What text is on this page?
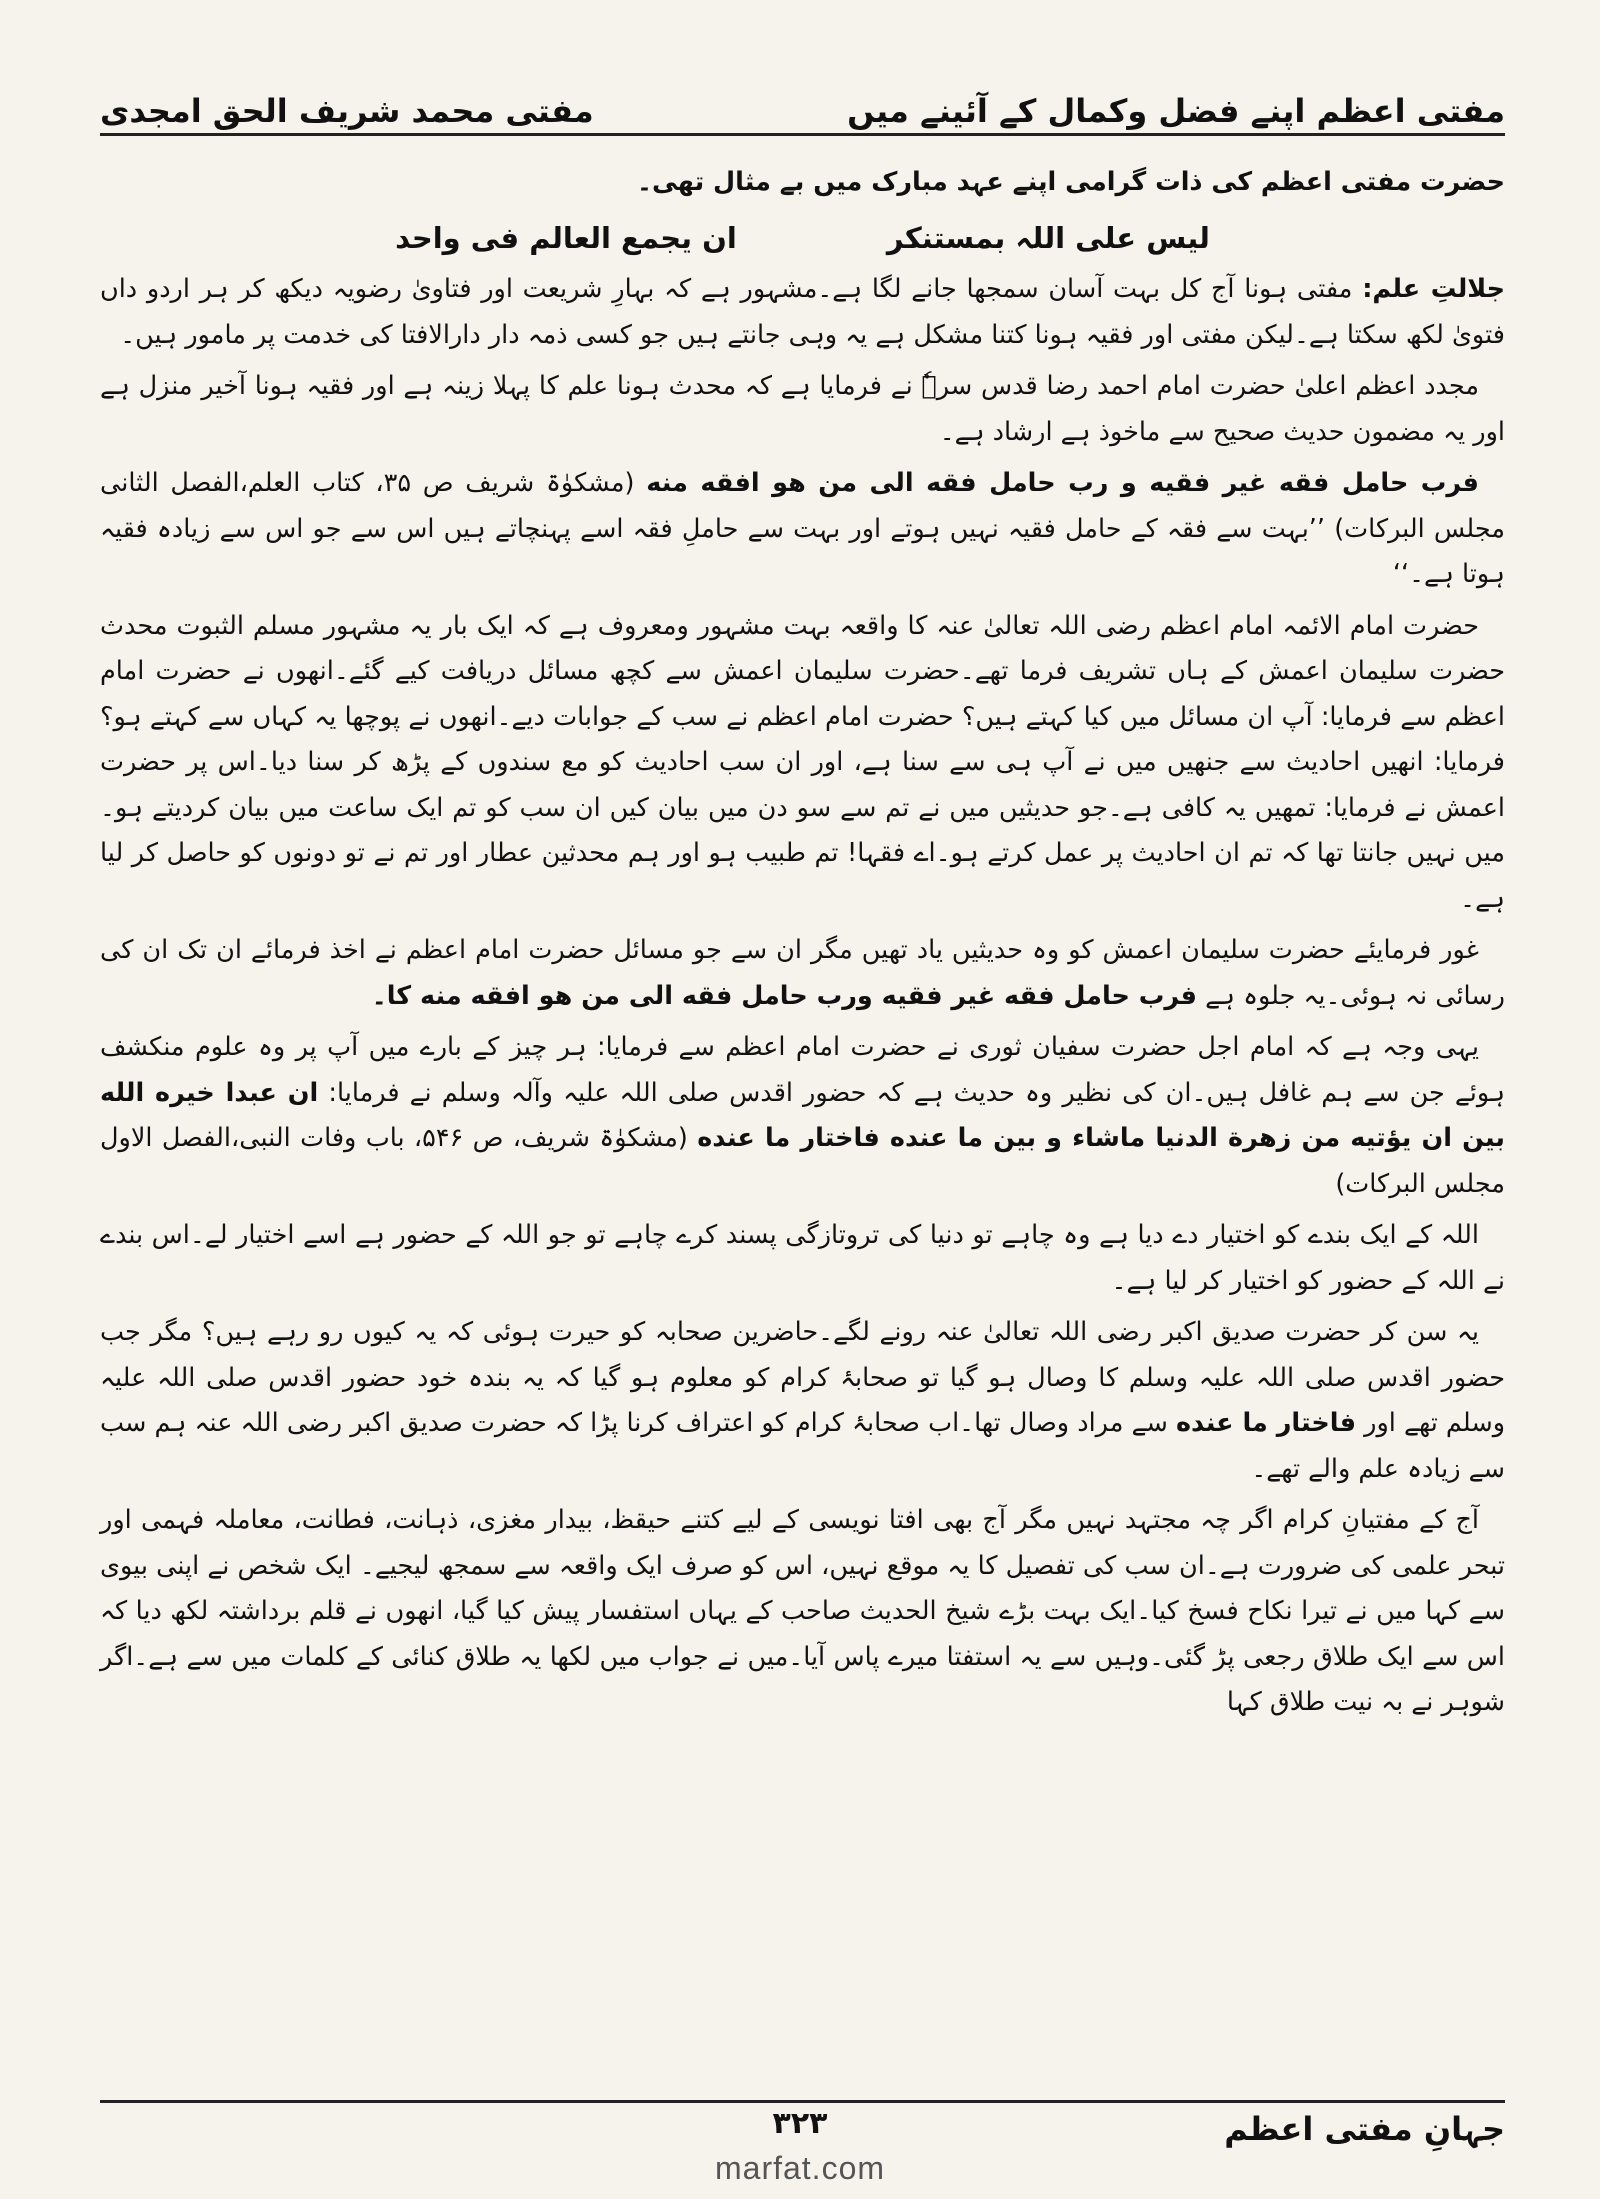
مفتی اعظم اپنے فضل وکمال کے آئینے میں
مفتی محمد شریف الحق امجدی

حضرت مفتی اعظم کی ذات گرامی اپنے عہد مبارک میں بے مثال تھی۔

لیس علی اللہ بمستنکر
ان یجمع العالم فی واحد

جلالتِ علم: مفتی ہونا آج کل بہت آسان سمجھا جانے لگا ہے۔مشہور ہے کہ بہارِ شریعت اور فتاویٰ رضویہ دیکھ کر ہر اردو داں فتویٰ لکھ سکتا ہے۔لیکن مفتی اور فقیہ ہونا کتنا مشکل ہے یہ وہی جانتے ہیں جو کسی ذمہ دار دارالافتا کی خدمت پر مامور ہیں۔

مجدد اعظم اعلیٰ حضرت امام احمد رضا قدس سرہٗ نے فرمایا ہے کہ محدث ہونا علم کا پہلا زینہ ہے اور فقیہ ہونا آخیر منزل ہے اور یہ مضمون حدیث صحیح سے ماخوذ ہے ارشاد ہے۔

فرب حامل فقه غير فقيه و رب حامل فقه الى من هو افقه منه (مشکوٰۃ شریف ص ۳۵، کتاب العلم،الفصل الثانی مجلس البرکات) ’’بہت سے فقہ کے حامل فقیہ نہیں ہوتے اور بہت سے حاملِ فقہ اسے پہنچاتے ہیں اس سے جو اس سے زیادہ فقیہ ہوتا ہے۔‘‘

حضرت امام الائمہ امام اعظم رضی اللہ تعالیٰ عنہ کا واقعہ بہت مشہور ومعروف ہے کہ ایک بار یہ مشہور مسلم الثبوت محدث حضرت سلیمان اعمش کے ہاں تشریف فرما تھے۔حضرت سلیمان اعمش سے کچھ مسائل دریافت کیے گئے۔انھوں نے حضرت امام اعظم سے فرمایا: آپ ان مسائل میں کیا کہتے ہیں؟ حضرت امام اعظم نے سب کے جوابات دیے۔انھوں نے پوچھا یہ کہاں سے کہتے ہو؟ فرمایا: انھیں احادیث سے جنھیں میں نے آپ ہی سے سنا ہے، اور ان سب احادیث کو مع سندوں کے پڑھ کر سنا دیا۔اس پر حضرت اعمش نے فرمایا: تمھیں یہ کافی ہے۔جو حدیثیں میں نے تم سے سو دن میں بیان کیں ان سب کو تم ایک ساعت میں بیان کردیتے ہو۔میں نہیں جانتا تھا کہ تم ان احادیث پر عمل کرتے ہو۔اے فقہا! تم طبیب ہو اور ہم محدثین عطار اور تم نے تو دونوں کو حاصل کر لیا ہے۔

غور فرمایئے حضرت سلیمان اعمش کو وہ حدیثیں یاد تھیں مگر ان سے جو مسائل حضرت امام اعظم نے اخذ فرمائے ان تک ان کی رسائی نہ ہوئی۔یہ جلوہ ہے فرب حامل فقه غير فقيه ورب حامل فقه الى من هو افقه منه كا۔

یہی وجہ ہے کہ امام اجل حضرت سفیان ثوری نے حضرت امام اعظم سے فرمایا: ہر چیز کے بارے میں آپ پر وہ علوم منکشف ہوئے جن سے ہم غافل ہیں۔ان کی نظیر وہ حدیث ہے کہ حضور اقدس صلی اللہ علیہ وآلہ وسلم نے فرمایا: ان عبدا خيره الله بين ان يؤتيه من زهرة الدنيا ماشاء و بين ما عنده فاختار ما عنده (مشکوٰۃ شریف، ص ۵۴۶، باب وفات النبی،الفصل الاول مجلس البرکات)

اللہ کے ایک بندے کو اختیار دے دیا ہے وہ چاہے تو دنیا کی تروتازگی پسند کرے چاہے تو جو اللہ کے حضور ہے اسے اختیار لے۔اس بندے نے اللہ کے حضور کو اختیار کر لیا ہے۔

یہ سن کر حضرت صدیق اکبر رضی اللہ تعالیٰ عنہ رونے لگے۔حاضرین صحابہ کو حیرت ہوئی کہ یہ کیوں رو رہے ہیں؟ مگر جب حضور اقدس صلی اللہ علیہ وسلم کا وصال ہو گیا تو صحابۂ کرام کو معلوم ہو گیا کہ یہ بندہ خود حضور اقدس صلی اللہ علیہ وسلم تھے اور فاختار ما عنده سے مراد وصال تھا۔اب صحابۂ کرام کو اعتراف کرنا پڑا کہ حضرت صدیق اکبر رضی اللہ عنہ ہم سب سے زیادہ علم والے تھے۔

آج کے مفتیانِ کرام اگر چہ مجتہد نہیں مگر آج بھی افتا نویسی کے لیے کتنے حیقظ، بیدار مغزی، ذہانت، فطانت، معاملہ فہمی اور تبحر علمی کی ضرورت ہے۔ان سب کی تفصیل کا یہ موقع نہیں، اس کو صرف ایک واقعہ سے سمجھ لیجیے۔ ایک شخص نے اپنی بیوی سے کہا میں نے تیرا نکاح فسخ کیا۔ایک بہت بڑے شیخ الحدیث صاحب کے یہاں استفسار پیش کیا گیا، انھوں نے قلم برداشتہ لکھ دیا کہ اس سے ایک طلاق رجعی پڑ گئی۔وہیں سے یہ استفتا میرے پاس آیا۔میں نے جواب میں لکھا یہ طلاق کنائی کے کلمات میں سے ہے۔اگر شوہر نے بہ نیت طلاق کہا

جہانِ مفتی اعظم
۳۲۳
marfat.com
